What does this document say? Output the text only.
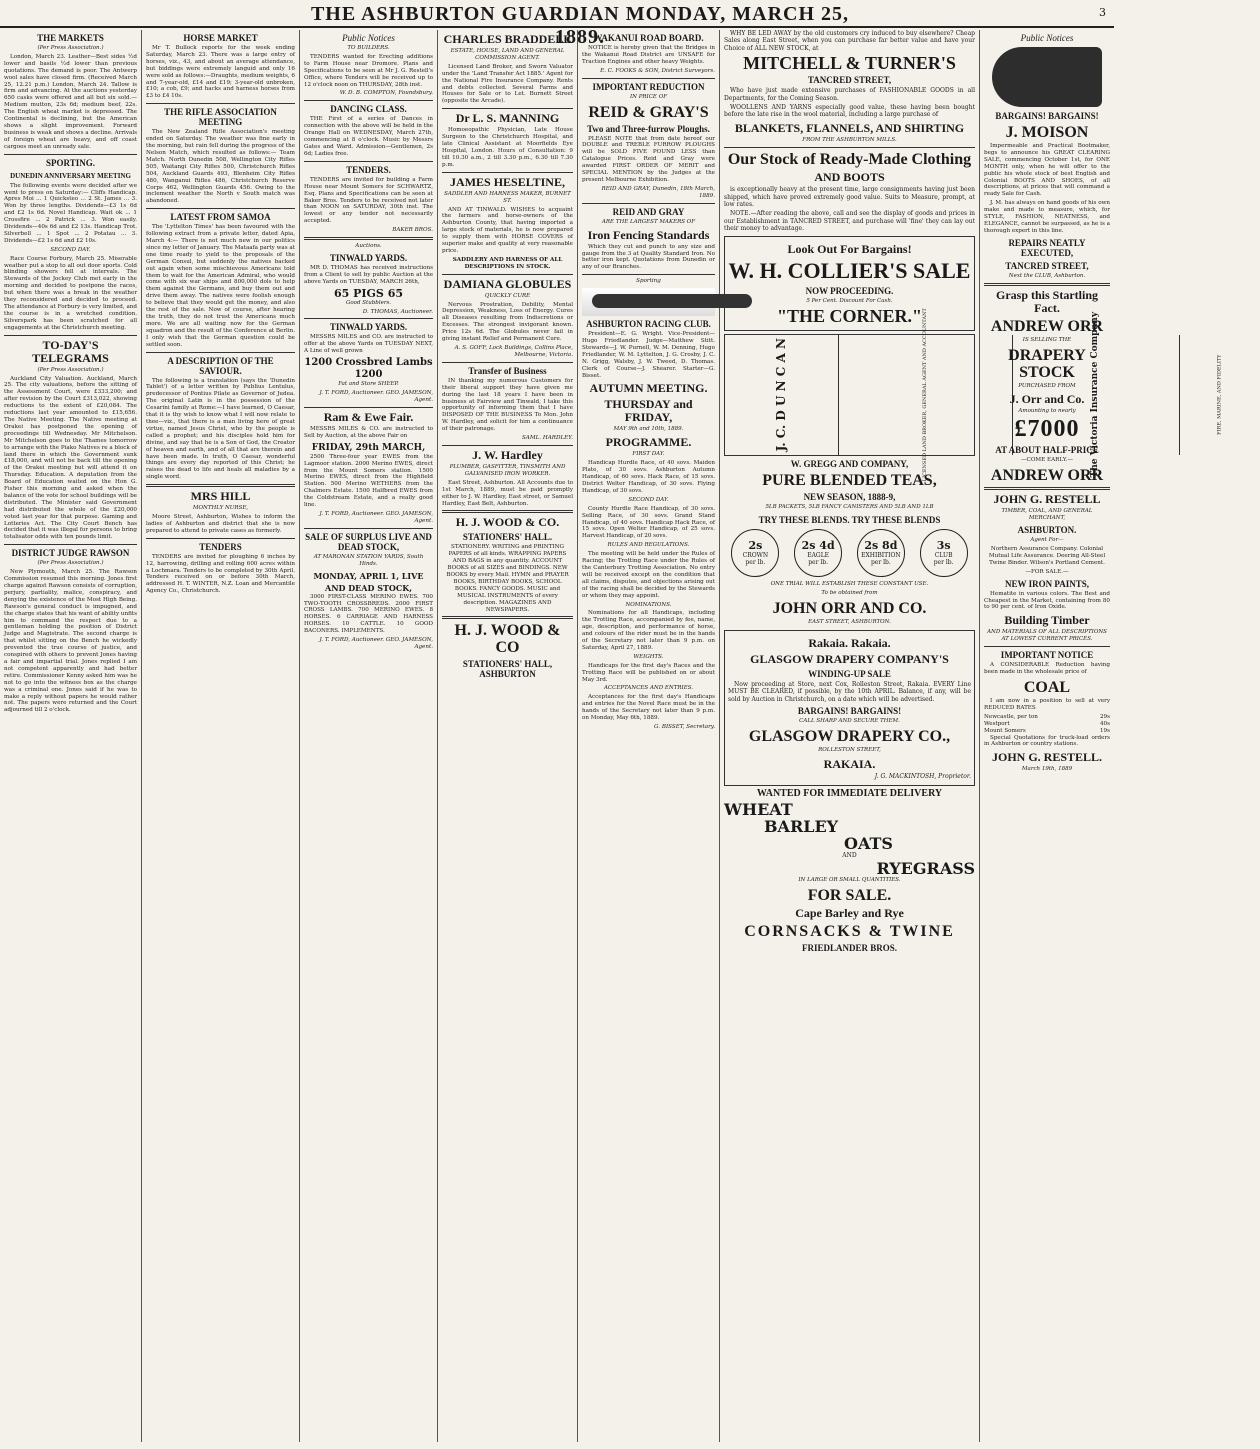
THE ASHBURTON GUARDIAN MONDAY, MARCH 25, 1889.
3
THE MARKETS
(Per Press Association.)

London, March 23. Leather—Best sides ½d lower and basils ½d lower than previous quotations. The demand is poor. The Antwerp wool sales have closed firm. (Received March 25, 12.21 p.m.) London, March 24. Tallow is firm and advancing. At the auctions yesterday 650 casks were offered and all but six sold.—Medium mutton, 23s 6d; medium beef, 22s. The English wheat market is depressed. The Continental is declining, but the American shows a slight improvement. Forward business is weak and shows a decline. Arrivals of foreign wheat are heavy, and off coast cargoes meet an unready sale.

SPORTING.
DUNEDIN ANNIVERSARY MEETING

The following events were decided after we went to press on Saturday:— Cliffs Handicap. Apres Moi ... 1 Quicksteo ... 2 St. James ... 3. Won by three lengths. Dividends—£3 1s 6d and £2 1s 6d. Novel Handicap. Wait ok ... 1 Crossfire ... 2 Patrick ... 3. Won easily. Dividends—40s 6d and £2 13s. Handicap Trot. Silverbell ... 1 Spot ... 2 Potatau ... 3. Dividends—£2 1s 6d and £2 10s.

SECOND DAY.

Race Course Forbury, March 25. Miserable weather put a stop to all out door sports. Cold blinding showers fell at intervals. The Stewards of the Jockey Club met early in the morning and decided to postpone the races, but when there was a break in the weather they reconsidered and decided to proceed. The attendance at Forbury is very limited, and the course is in a wretched condition. Silverspark has been scratched for all engagements at the Christchurch meeting.

TO-DAY'S TELEGRAMS
(Per Press Association.)

Auckland City Valuation. Auckland, March 25. The city valuations, before the sitting of the Assessment Court, were £333,200; and after revision by the Court £313,022, showing reductions to the extent of £20,084. The reductions last year amounted to £15,656. The Native Meeting. The Native meeting at Orakei has postponed the opening of proceedings till Wednesday. Mr Mitchelson. Mr Mitchelson goes to the Thames tomorrow to arrange with the Piako Natives re a block of land there in which the Government sunk £18,000, and will not be back till the opening of the Orakei meeting but will attend it on Thursday. Education. A deputation from the Board of Education waited on the Hon G. Fisher this morning and asked when the balance of the vote for school buildings will be distributed. The Minister said Government had distributed the whole of the £20,000 voted last year for that purpose. Gaming and Lotteries Act. The City Court Bench has decided that it was illegal for persons to bring totalisator odds with ten pounds limit.

DISTRICT JUDGE RAWSON
(Per Press Association.)

New Plymouth, March 25. The Rawson Commission resumed this morning. Jones first charge against Rawson consists of corruption, perjury, partiality, malice, conspiracy, and denying the existence of the Most High Being. Rawson's general conduct is impugned, and the charge states that his want of ability unfits him to command the respect due to a gentleman holding the position of District Judge and Magistrate. The second charge is that whilst sitting on the Bench he wickedly prevented the true course of justice, and conspired with others to prevent Jones having a fair and impartial trial. Jones replied I am not competent apparently and had better retire. Commissioner Kenny asked him was he not to go into the witness box as the charge was a criminal one. Jones said if he was to make a reply without papers he would rather not. The papers were returned and the Court adjourned till 2 o'clock.

HORSE MARKET

Mr T. Bullock reports for the week ending Saturday, March 23. There was a large entry of horses, viz., 43, and about an average attendance, but biddings were extremely languid and only 16 were sold as follows:—Draughts, medium weights, 6 and 7-year-old, £14 and £19; 3-year-old unbroken, £10; a cob, £9; and hacks and harness horses from £3 to £4 10s.

THE RIFLE ASSOCIATION MEETING

The New Zealand Rifle Association's meeting ended on Saturday. The weather was fine early in the morning, but rain fell during the progress of the Nelson Match, which resulted as follows:— Team Match. North Dunedin 508, Wellington City Rifles 505, Waitangi City Rifles 500, Christchurch Rifles 504, Auckland Guards 493, Blenheim City Rifles 480, Wanganui Rifles 486, Christchurch Reserve Corps 462, Wellington Guards 456. Owing to the inclement weather the North v South match was abandoned.

LATEST FROM SAMOA

The 'Lyttelton Times' has been favoured with the following extract from a private letter, dated Apia, March 4:— There is not much new in our politics since my letter of January. The Mataafa party was at one time ready to yield to the proposals of the German Consul, but suddenly the natives backed out again when some mischievous Americans told them to wait for the American Admiral, who would come with six war ships and 800,000 dols to help them against the Germans, and buy them out and drive them away. The natives were foolish enough to believe that they would get the money, and also the rest of the sale. Now of course, after hearing the truth, they do not trust the Americans much more. We are all waiting now for the German squadron and the result of the Conference at Berlin. I only wish that the German question could be settled soon.

A DESCRIPTION OF THE SAVIOUR.

The following is a translation (says the 'Dunedin Tablet') of a letter written by Publius Lentulus, predecessor of Pontius Pilate as Governor of Judea. The original Latin is in the possession of the Cesarini family at Rome:—I have learned, O Caesar, that it is thy wish to know what I will now relate to thee—viz., that there is a man living here of great virtue, named Jesus Christ, who by the people is called a prophet; and his disciples hold him for divine, and say that he is a Son of God, the Creator of heaven and earth, and of all that are therein and have been made. In truth, O Caesar, wonderful things are every day reported of this Christ; he raises the dead to life and heals all maladies by a single word.

MRS HILL
MONTHLY NURSE,

Moore Street, Ashburton, Wishes to inform the ladies of Ashburton and district that she is now prepared to attend to private cases as formerly.

TENDERS

TENDERS are invited for ploughing 6 inches by 12, harrowing, drilling and rolling 600 acres within a Lochmara. Tenders to be completed by 30th April. Tenders received on or before 30th March, addressed H. T. WINTER, N.Z. Loan and Mercantile Agency Co., Christchurch.

Public Notices
TO BUILDERS.

TENDERS wanted for Erecting additions to Farm House near Dromore. Plans and Specifications to be seen at Mr J. G. Restell's Office, where Tenders will be received up to 12 o'clock noon on THURSDAY, 28th inst.

W. D. B. COMPTON, Foundsbury.

DANCING CLASS.

THE First of a series of Dances in connection with the above will be held in the Orange Hall on WEDNESDAY, March 27th, commencing at 8 o'clock. Music by Messrs Gates and Ward. Admission—Gentlemen, 2s 6d; Ladies free.

TENDERS.

TENDERS are invited for building a Farm House near Mount Somers for SCHWARTZ, Esq. Plans and Specifications can be seen at Baker Bros. Tenders to be received not later than NOON on SATURDAY, 30th inst. The lowest or any tender not necessarily accepted.

BAKER BROS.

Auctions.
TINWALD YARDS.

MR D. THOMAS has received instructions from a Client to sell by public Auction at the above Yards on TUESDAY, MARCH 26th,

65 PIGS 65
Good Stubblers.

D. THOMAS, Auctioneer.

TINWALD YARDS.

MESSRS MILES and CO. are instructed to offer at the above Yards on TUESDAY NEXT, A Line of well grown

1200 Crossbred Lambs 1200
Fat and Store SHEEP.

J. T. FORD, Auctioneer. GEO. JAMESON, Agent.

Ram & Ewe Fair.

MESSRS MILES & CO. are instructed to Sell by Auction, at the above Fair on

FRIDAY, 29th MARCH,

2500 Three-four year EWES from the Lagmoor station. 2000 Merino EWES, direct from the Mount Somers station. 1500 Merino EWES, direct from the Highfield Station. 500 Merino WETHERS from the Chalmers Estate. 1500 Halfbred EWES from the Coldstream Estate, and a really good line.

J. T. FORD, Auctioneer. GEO. JAMESON, Agent.

SALE OF SURPLUS LIVE AND DEAD STOCK,
AT MARONAN STATION YARDS, South Hinds.
MONDAY, APRIL 1, LIVE AND DEAD STOCK,

3000 FIRST-CLASS MERINO EWES. 700 TWO-TOOTH CROSSBREDS. 2000 FIRST CROSS LAMBS. 700 MERINO EWES. 8 HORSES. 6 CARRIAGE AND HARNESS HORSES. 10 CATTLE. 10 GOOD BACONERS. IMPLEMENTS.

J. T. FORD, Auctioneer. GEO. JAMESON, Agent.

CHARLES BRADDELL
ESTATE, HOUSE, LAND AND GENERAL COMMISSION AGENT.

Licensed Land Broker, and Sworn Valuator under the 'Land Transfer Act 1885.' Agent for the National Fire Insurance Company. Rents and debts collected. Several Farms and Houses for Sale or to Let. Burnett Street (opposite the Arcade).

Dr L. S. MANNING

Homoeopathic Physician, Late House Surgeon to the Christchurch Hospital, and late Clinical Assistant at Moorfields Eye Hospital, London. Hours of Consultation: 9 till 10.30 a.m., 2 till 3.30 p.m., 6.30 till 7.30 p.m.

JAMES HESELTINE,
SADDLER AND HARNESS MAKER, BURNET ST.

AND AT TINWALD. WISHES to acquaint the farmers and horse-owners of the Ashburton County, that having imported a large stock of materials, he is now prepared to supply them with HORSE COVERS of superior make and quality at very reasonable price.

SADDLERY AND HARNESS OF ALL DESCRIPTIONS IN STOCK.
DAMIANA GLOBULES
QUICKLY CURE

Nervous Prostration, Debility, Mental Depression, Weakness, Loss of Energy. Cures all Diseases resulting from Indiscretions or Excesses. The strongest invigorant known. Price 12s 6d. The Globules never fail in giving instant Relief and Permanent Cure.

A. S. GOFF, Lock Buildings, Collins Place, Melbourne, Victoria.

Transfer of Business

IN thanking my numerous Customers for their liberal support they have given me during the last 18 years I have been in business at Fairview and Tinwald, I take this opportunity of informing them that I have DISPOSED OF THE BUSINESS To Mon. John W. Hardley, and solicit for him a continuance of their patronage.

SAML. HARDLEY.

J. W. Hardley
PLUMBER, GASFITTER, TINSMITH AND GALVANISED IRON WORKER.

East Street, Ashburton. All Accounts due to 1st March, 1889, must be paid promptly either to J. W. Hardley, East street, or Samuel Hardley, East Belt, Ashburton.

H. J. WOOD & CO.
STATIONERS' HALL.

STATIONERY. WRITING and PRINTING PAPERS of all kinds. WRAPPING PAPERS AND BAGS in any quantity. ACCOUNT BOOKS of all SIZES and BINDINGS. NEW BOOKS by every Mail. HYMN and PRAYER BOOKS, BIRTHDAY BOOKS, SCHOOL BOOKS. FANCY GOODS. MUSIC and MUSICAL INSTRUMENTS of every description. MAGAZINES AND NEWSPAPERS.

H. J. WOOD & CO
STATIONERS' HALL, ASHBURTON
WAKANUI ROAD BOARD.

NOTICE is hereby given that the Bridges in the Wakanui Road District are UNSAFE for Traction Engines and other heavy Weights.

E. C. FOOKS & SON, District Surveyors.

IMPORTANT REDUCTION
IN PRICE OF
REID & GRAY'S
Two and Three-furrow Ploughs.

PLEASE NOTE that from date hereof our DOUBLE and TREBLE FURROW PLOUGHS will be SOLD FIVE POUND LESS than Catalogue Prices. Reid and Gray were awarded FIRST ORDER OF MERIT and SPECIAL MENTION by the Judges at the present Melbourne Exhibition.

REID AND GRAY, Dunedin, 18th March, 1889.

REID AND GRAY
ARE THE LARGEST MAKERS OF
Iron Fencing Standards

Which they cut and punch to any size and gauge from the 3 at Quality Standard Iron. No better iron kept. Quotations from Dunedin or any of our Branches.

Sporting
ASHBURTON RACING CLUB.

President—E. G. Wright. Vice-President—Hugo Friedlander. Judge—Matthew Stitt. Stewards—J. W. Purnell, W. M. Denning, Hugo Friedlander, W. M. Lyttelton, J. G. Crosby, J. C. N. Grigg, Walsby, J. W. Tweed, D. Thomas. Clerk of Course—J. Shearer. Starter—G. Bisset.

AUTUMN MEETING.
THURSDAY and FRIDAY,
MAY 9th and 10th, 1889.
PROGRAMME.
FIRST DAY.

Handicap Hurdle Race, of 40 sovs. Maiden Plate, of 30 sovs. Ashburton Autumn Handicap, of 60 sovs. Hack Race, of 15 sovs. District Welter Handicap, of 30 sovs. Flying Handicap, of 30 sovs.

SECOND DAY.

County Hurdle Race Handicap, of 30 sovs. Selling Race, of 30 sovs. Grand Stand Handicap, of 40 sovs. Handicap Hack Race, of 15 sovs. Open Welter Handicap, of 25 sovs. Harvest Handicap, of 20 sovs.

RULES AND REGULATIONS.

The meeting will be held under the Rules of Racing; the Trotting Race under the Rules of the Canterbury Trotting Association. No entry will be received except on the condition that all claims, disputes, and objections arising out of the racing shall be decided by the Stewards or whom they may appoint.

NOMINATIONS.

Nominations for all Handicaps, including the Trotting Race, accompanied by fee, name, age, description, and performance of horse, and colours of the rider must be in the hands of the Secretary not later than 9 p.m. on Saturday, April 27, 1889.

WEIGHTS.

Handicaps for the first day's Races and the Trotting Race will be published on or about May 3rd.

ACCEPTANCES AND ENTRIES.

Acceptances for the first day's Handicaps and entries for the Novel Race must be in the hands of the Secretary not later than 9 p.m. on Monday, May 6th, 1889.

G. BISSET, Secretary.

WHY BE LED AWAY by the old customers cry induced to buy elsewhere? Cheap Sales along East Street, when you can purchase far better value and have your Choice of ALL NEW STOCK, at

MITCHELL & TURNER'S
TANCRED STREET,

Who have just made extensive purchases of FASHIONABLE GOODS in all Departments, for the Coming Season.

WOOLLENS AND YARNS especially good value, these having been bought before the late rise in the wool material, including a large purchase of

BLANKETS, FLANNELS, AND SHIRTING
FROM THE ASHBURTON MILLS.
Our Stock of Ready-Made Clothing
AND BOOTS

is exceptionally heavy at the present time, large consignments having just been shipped, which have proved extremely good value. Suits to Measure, prompt, at low rates.

NOTE.—After reading the above, call and see the display of goods and prices in our Establishment in TANCRED STREET, and purchase will 'fine' they can lay out their money to advantage.

Look Out For Bargains!
W. H. COLLIER'S SALE
NOW PROCEEDING.
5 Per Cent. Discount For Cash.
"THE CORNER."
J. C. D U N C A N	LICENSED LAND BROKER, GENERAL AGENT AND ACCOUNTANT	The Victoria Insurance Company	FIRE, MARINE, AND FIDELITY
W. GREGG AND COMPANY,
PURE BLENDED TEAS,
NEW SEASON, 1888-9,
5LB PACKETS, 5LB FANCY CANISTERS AND 5LB AND 1LB
TRY THESE BLENDS. TRY THESE BLENDS
2s
CROWN
per lb.
2s 4d
EAGLE
per lb.
2s 8d
EXHIBITION
per lb.
3s
CLUB
per lb.
ONE TRIAL WILL ESTABLISH THESE CONSTANT USE.
To be obtained from
JOHN ORR AND CO.
EAST STREET, ASHBURTON.
Rakaia. Rakaia.
GLASGOW DRAPERY COMPANY'S
WINDING-UP SALE

Now proceeding at Store, next Cox, Rolleston Street, Rakaia. EVERY Line MUST BE CLEARED, if possible, by the 10th APRIL. Balance, if any, will be sold by Auction in Christchurch, on a date which will be advertised.

BARGAINS! BARGAINS!
CALL SHARP AND SECURE THEM.
GLASGOW DRAPERY CO.,
ROLLESTON STREET,
RAKAIA.

J. G. MACKINTOSH, Proprietor.

WANTED FOR IMMEDIATE DELIVERY
WHEAT
BARLEY
OATS
AND
RYEGRASS
IN LARGE OR SMALL QUANTITIES.
FOR SALE.
Cape Barley and Rye
CORNSACKS & TWINE
FRIEDLANDER BROS.
Public Notices
BARGAINS! BARGAINS!
J. MOISON

Impermeable and Practical Bootmaker, begs to announce his GREAT CLEARING SALE, commencing October 1st, for ONE MONTH only, when he will offer to the public his whole stock of best English and Colonial BOOTS AND SHOES, of all descriptions, at prices that will command a ready Sale for Cash.

J. M. has always on hand goods of his own make and made to measure, which, for STYLE, FASHION, NEATNESS, and ELEGANCE, cannot be surpassed, as he is a thorough expert in this line.

REPAIRS NEATLY EXECUTED,
TANCRED STREET,
Next the CLUB, Ashburton.
Grasp this Startling Fact.
ANDREW ORR
IS SELLING THE
DRAPERY STOCK
PURCHASED FROM
J. Orr and Co.
Amounting to nearly
£7000
AT ABOUT HALF-PRICE
—COME EARLY.—
ANDREW ORR
JOHN G. RESTELL
TIMBER, COAL, AND GENERAL MERCHANT,
ASHBURTON.
Agent For—

Northern Assurance Company. Colonial Mutual Life Assurance. Deering All-Steel Twine Binder. Wilson's Portland Cement.

—FOR SALE.—
NEW IRON PAINTS,

Hematite in various colors. The Best and Cheapest in the Market, containing from 80 to 90 per cent. of Iron Oxide.

Building Timber
AND MATERIALS OF ALL DESCRIPTIONS AT LOWEST CURRENT PRICES.
IMPORTANT NOTICE

A CONSIDERABLE Reduction having been made in the wholesale price of

COAL

I am now in a position to sell at very REDUCED RATES

Newcastle, per ton	29s
Westport	40s
Mount Somers	19s

Special Quotations for truck-load orders in Ashburton or country stations.

JOHN G. RESTELL.
March 19th, 1889
